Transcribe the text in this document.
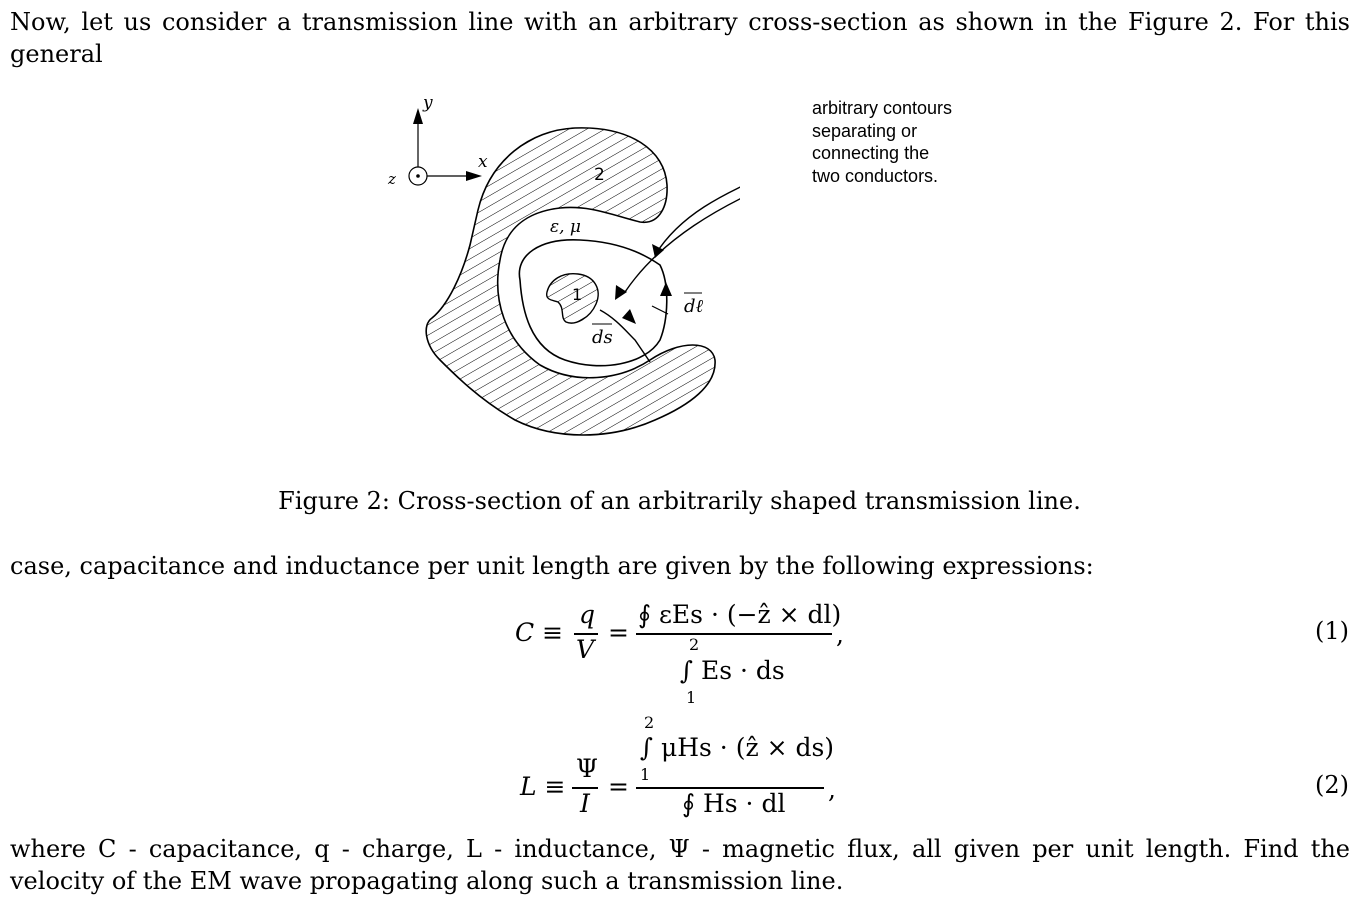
Now, let us consider a transmission line with an arbitrary cross-section as shown in the Figure 2. For this general

y
x
z	2
1
ε, μ
dℓ
ds
arbitrary contours
separating or
connecting the
two conductors.
Figure 2: Cross-section of an arbitrarily shaped transmission line.

case, capacitance and inductance per unit length are given by the following expressions:

C ≡
q
V
=
∮ εEs · (−ẑ × dl)
2
∫ Es · ds
1
,	(1)
2
∫ μHs · (ẑ × ds)
1
L ≡
Ψ
I
=
∮ Hs · dl ,	(2)

where C - capacitance, q - charge, L - inductance, Ψ - magnetic flux, all given per unit length. Find the velocity of the EM wave propagating along such a transmission line.
